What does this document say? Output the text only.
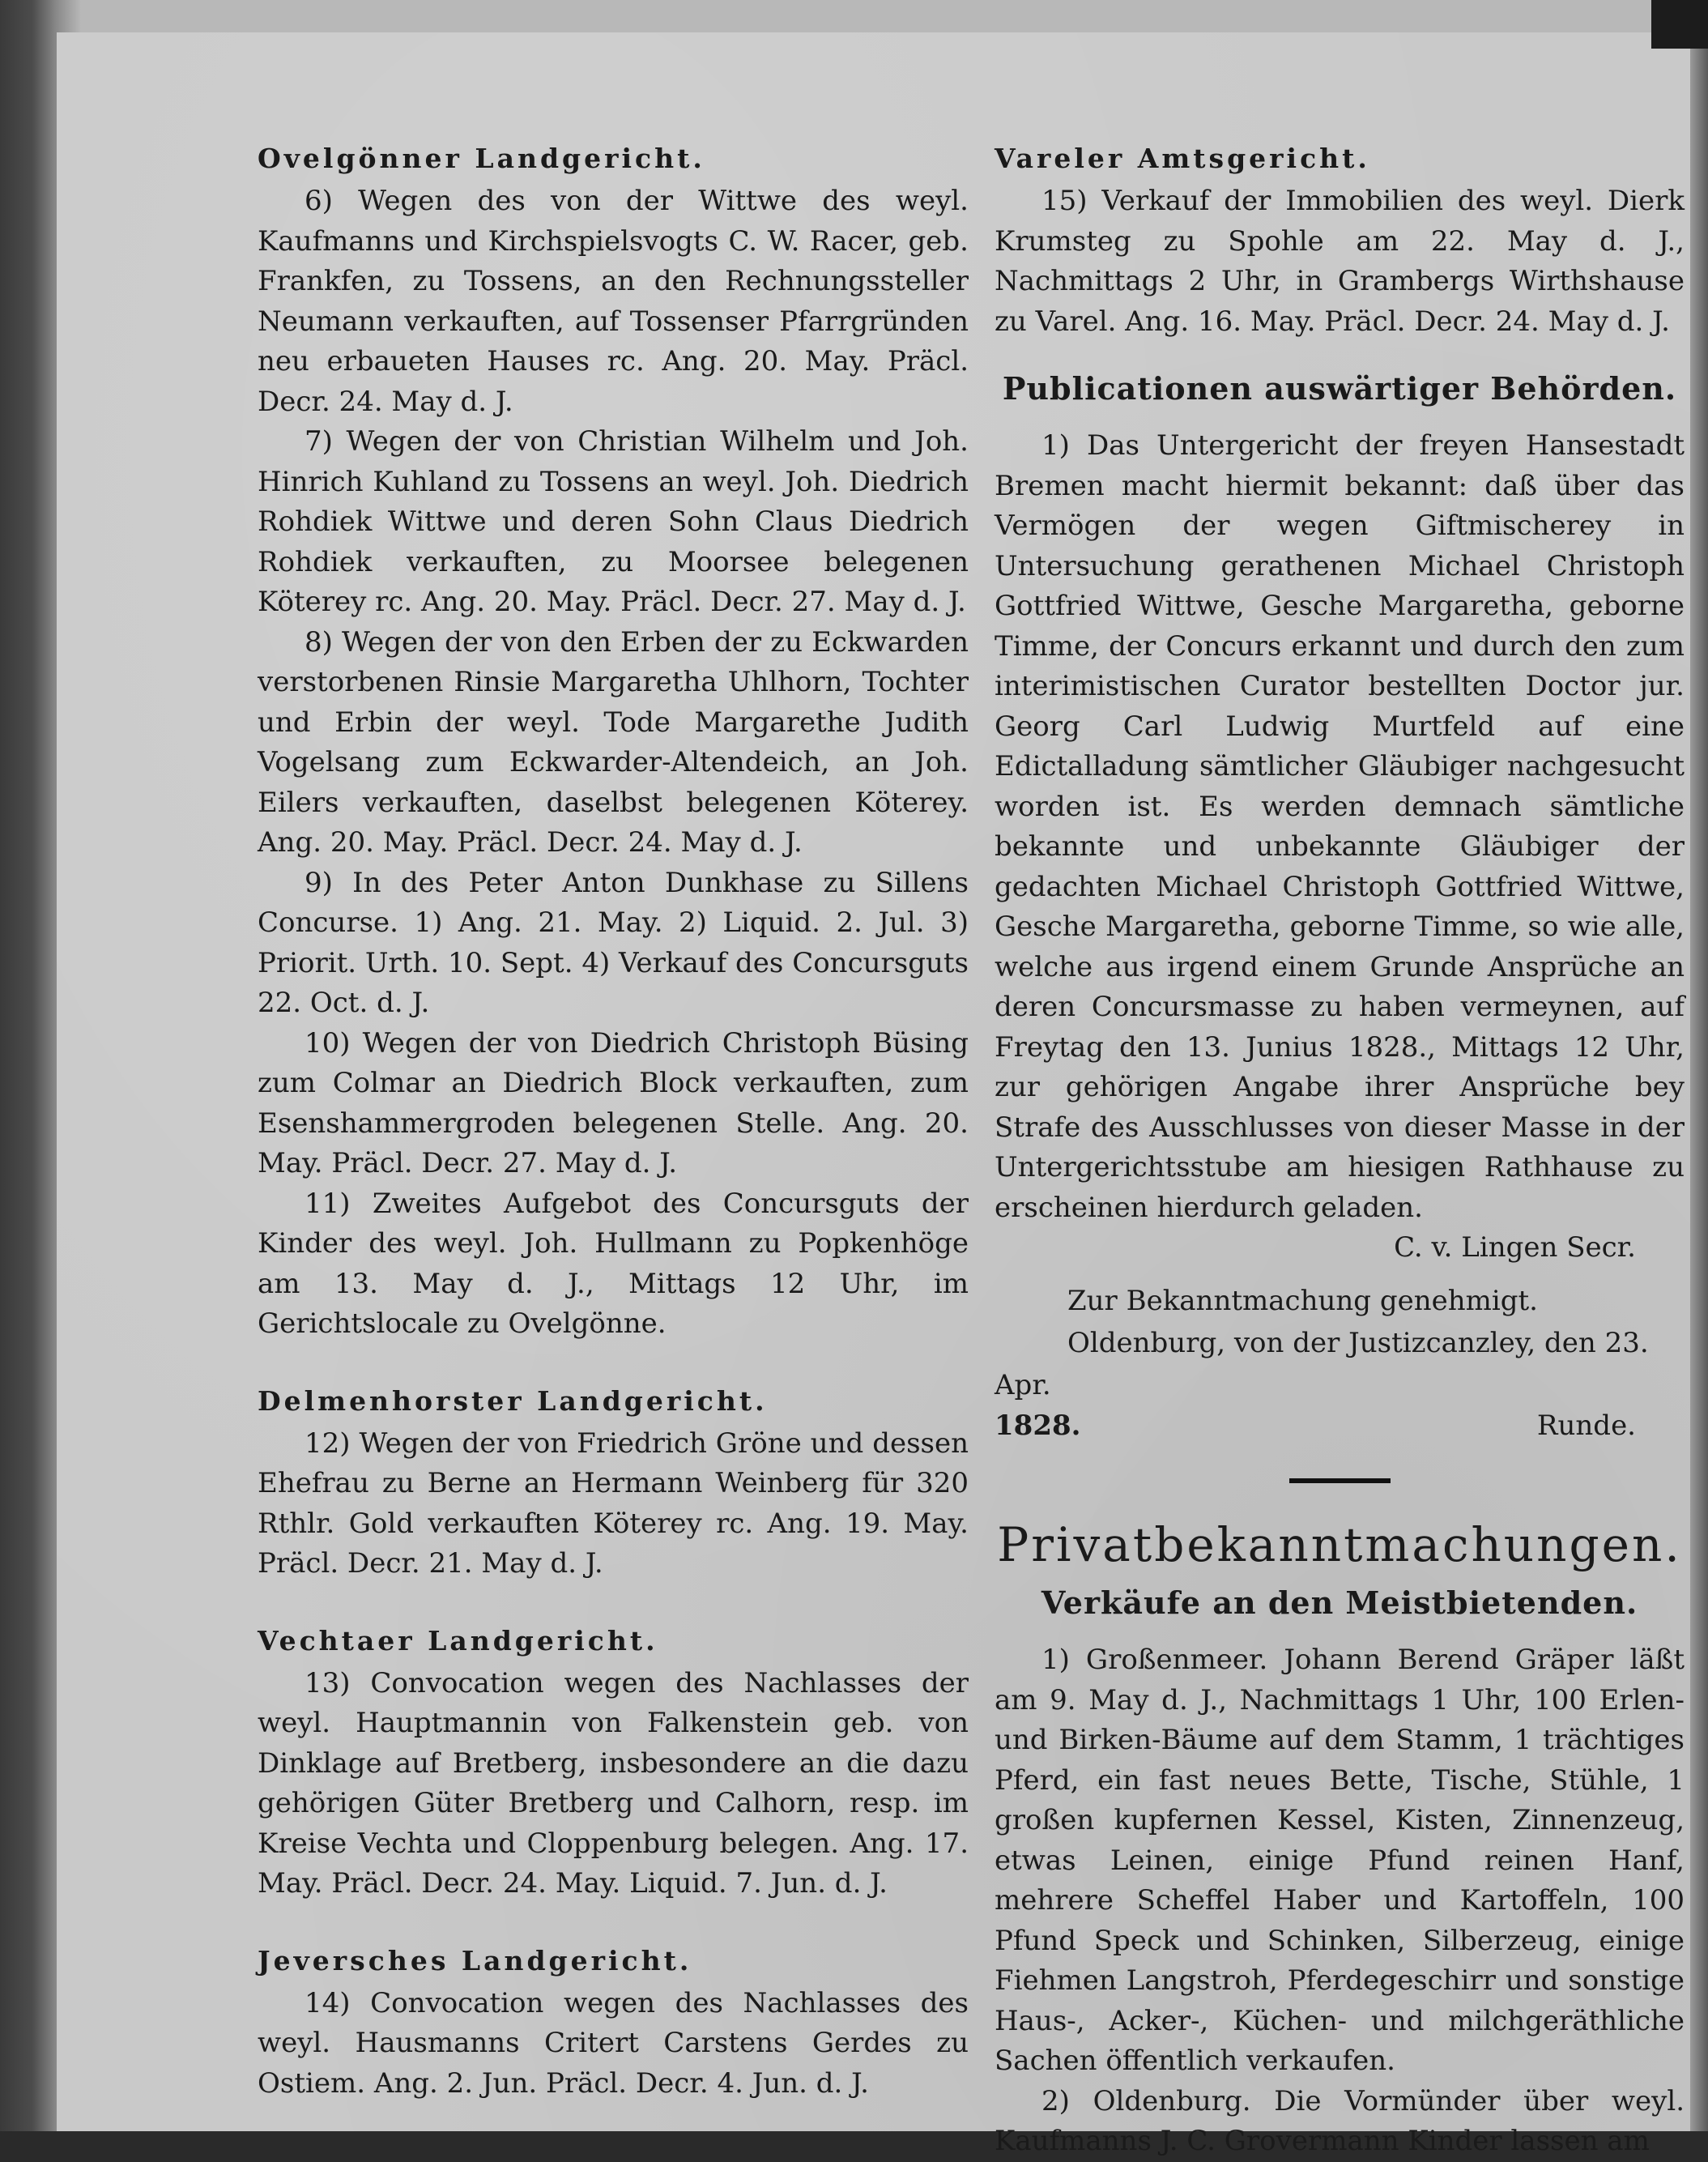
Ovelgönner Landgericht.

6) Wegen des von der Wittwe des weyl. Kaufmanns und Kirchspielsvogts C. W. Racer, geb. Frankfen, zu Tossens, an den Rechnungssteller Neumann verkauften, auf Tossenser Pfarrgründen neu erbaueten Hauses rc. Ang. 20. May. Präcl. Decr. 24. May d. J.

7) Wegen der von Christian Wilhelm und Joh. Hinrich Kuhland zu Tossens an weyl. Joh. Diedrich Rohdiek Wittwe und deren Sohn Claus Diedrich Rohdiek verkauften, zu Moorsee belegenen Köterey rc. Ang. 20. May. Präcl. Decr. 27. May d. J.

8) Wegen der von den Erben der zu Eckwarden verstorbenen Rinsie Margaretha Uhlhorn, Tochter und Erbin der weyl. Tode Margarethe Judith Vogelsang zum Eckwarder-Altendeich, an Joh. Eilers verkauften, daselbst belegenen Köterey. Ang. 20. May. Präcl. Decr. 24. May d. J.

9) In des Peter Anton Dunkhase zu Sillens Concurse. 1) Ang. 21. May. 2) Liquid. 2. Jul. 3) Priorit. Urth. 10. Sept. 4) Verkauf des Concursguts 22. Oct. d. J.

10) Wegen der von Diedrich Christoph Büsing zum Colmar an Diedrich Block verkauften, zum Esenshammergroden belegenen Stelle. Ang. 20. May. Präcl. Decr. 27. May d. J.

11) Zweites Aufgebot des Concursguts der Kinder des weyl. Joh. Hullmann zu Popkenhöge am 13. May d. J., Mittags 12 Uhr, im Gerichtslocale zu Ovelgönne.

Delmenhorster Landgericht.

12) Wegen der von Friedrich Gröne und dessen Ehefrau zu Berne an Hermann Weinberg für 320 Rthlr. Gold verkauften Köterey rc. Ang. 19. May. Präcl. Decr. 21. May d. J.

Vechtaer Landgericht.

13) Convocation wegen des Nachlasses der weyl. Hauptmannin von Falkenstein geb. von Dinklage auf Bretberg, insbesondere an die dazu gehörigen Güter Bretberg und Calhorn, resp. im Kreise Vechta und Cloppenburg belegen. Ang. 17. May. Präcl. Decr. 24. May. Liquid. 7. Jun. d. J.

Jeversches Landgericht.

14) Convocation wegen des Nachlasses des weyl. Hausmanns Critert Carstens Gerdes zu Ostiem. Ang. 2. Jun. Präcl. Decr. 4. Jun. d. J.

Vareler Amtsgericht.

15) Verkauf der Immobilien des weyl. Dierk Krumsteg zu Spohle am 22. May d. J., Nachmittags 2 Uhr, in Grambergs Wirthshause zu Varel. Ang. 16. May. Präcl. Decr. 24. May d. J.

Publicationen auswärtiger Behörden.

1) Das Untergericht der freyen Hansestadt Bremen macht hiermit bekannt: daß über das Vermögen der wegen Giftmischerey in Untersuchung gerathenen Michael Christoph Gottfried Wittwe, Gesche Margaretha, geborne Timme, der Concurs erkannt und durch den zum interimistischen Curator bestellten Doctor jur. Georg Carl Ludwig Murtfeld auf eine Edictalladung sämtlicher Gläubiger nachgesucht worden ist. Es werden demnach sämtliche bekannte und unbekannte Gläubiger der gedachten Michael Christoph Gottfried Wittwe, Gesche Margaretha, geborne Timme, so wie alle, welche aus irgend einem Grunde Ansprüche an deren Concursmasse zu haben vermeynen, auf Freytag den 13. Junius 1828., Mittags 12 Uhr, zur gehörigen Angabe ihrer Ansprüche bey Strafe des Ausschlusses von dieser Masse in der Untergerichtsstube am hiesigen Rathhause zu erscheinen hierdurch geladen.

C. v. Lingen Secr.

Zur Bekanntmachung genehmigt.

Oldenburg, von der Justizcanzley, den 23. Apr.

1828.	Runde.

Privatbekanntmachungen.

Verkäufe an den Meistbietenden.

1) Großenmeer. Johann Berend Gräper läßt am 9. May d. J., Nachmittags 1 Uhr, 100 Erlen- und Birken-Bäume auf dem Stamm, 1 trächtiges Pferd, ein fast neues Bette, Tische, Stühle, 1 großen kupfernen Kessel, Kisten, Zinnenzeug, etwas Leinen, einige Pfund reinen Hanf, mehrere Scheffel Haber und Kartoffeln, 100 Pfund Speck und Schinken, Silberzeug, einige Fiehmen Langstroh, Pferdegeschirr und sonstige Haus-, Acker-, Küchen- und milchgeräthliche Sachen öffentlich verkaufen.

2) Oldenburg. Die Vormünder über weyl. Kaufmanns J. C. Grovermann Kinder lassen am
